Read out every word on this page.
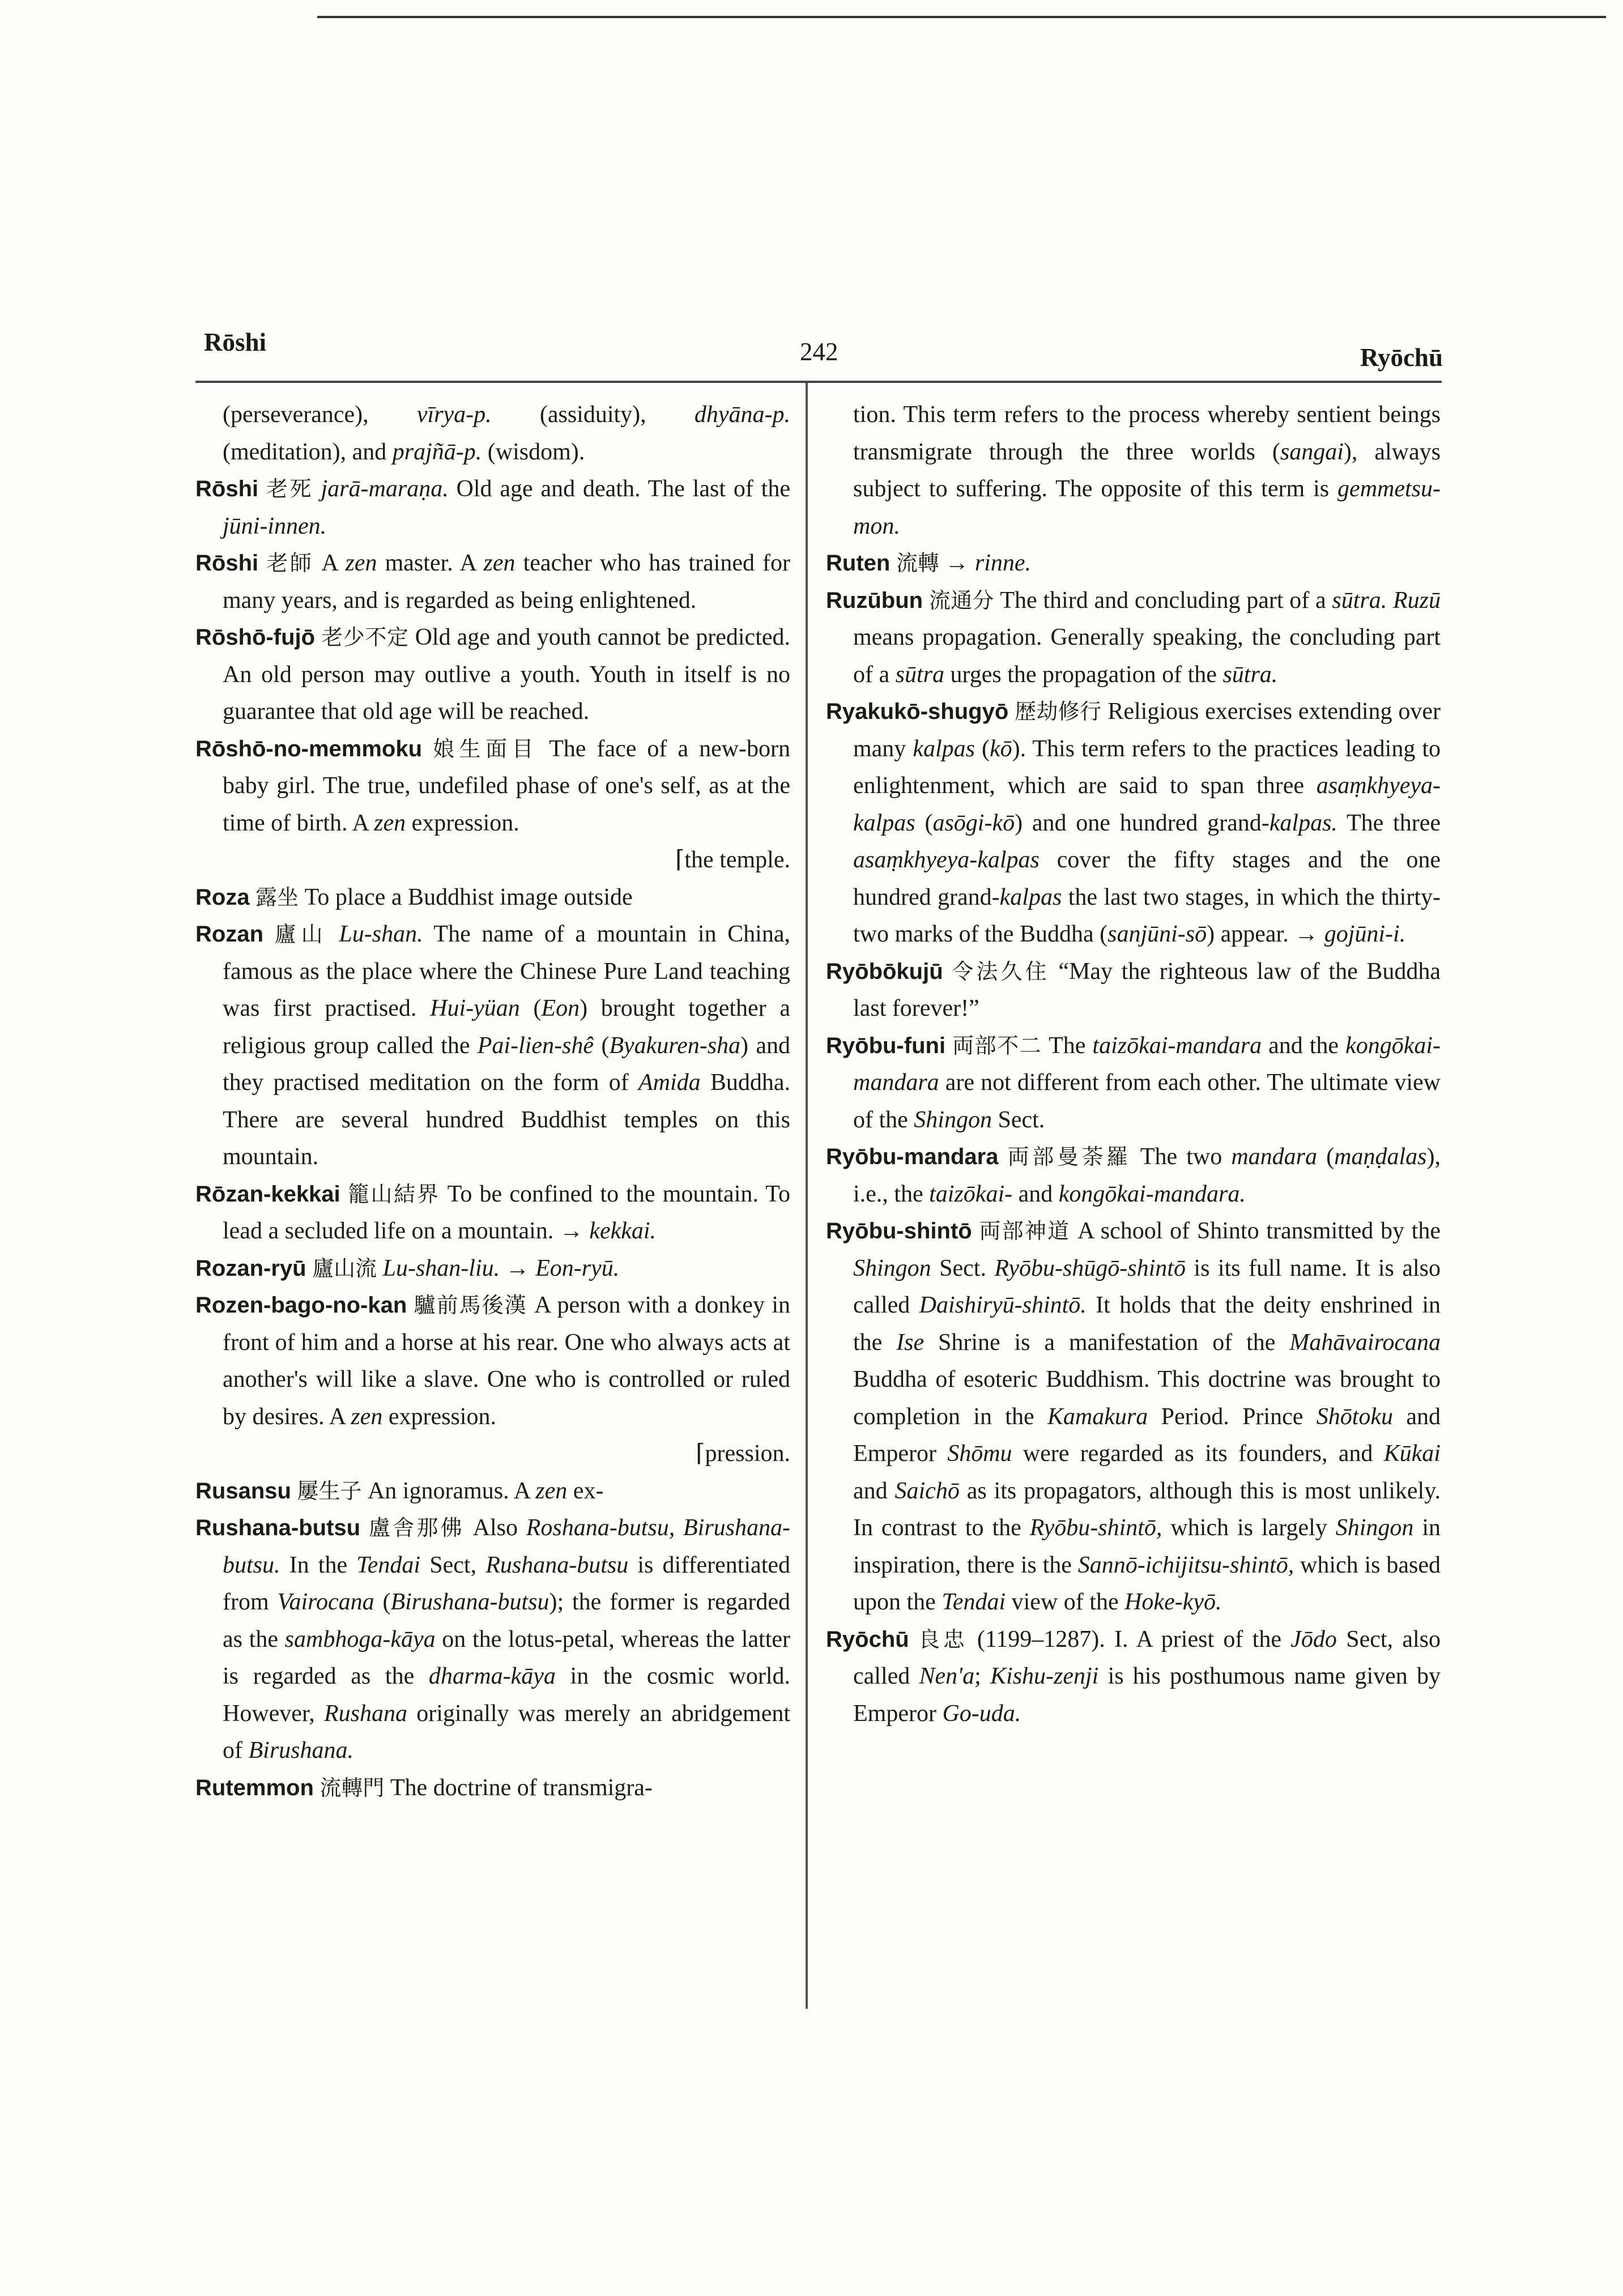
Rōshi	242	Ryōchū

(perseverance), vīrya-p. (assiduity), dhyāna-p. (meditation), and prajñā-p. (wisdom).

Rōshi 老死 jarā-maraṇa. Old age and death. The last of the jūni-innen.

Rōshi 老師 A zen master. A zen teacher who has trained for many years, and is regarded as being enlightened.

Rōshō-fujō 老少不定 Old age and youth cannot be predicted. An old person may outlive a youth. Youth in itself is no guarantee that old age will be reached.

Rōshō-no-memmoku 娘生面目 The face of a new-born baby girl. The true, undefiled phase of one's self, as at the time of birth. A zen expression.
⌈the temple.

Roza 露坐 To place a Buddhist image outside

Rozan 廬山 Lu-shan. The name of a mountain in China, famous as the place where the Chinese Pure Land teaching was first practised. Hui-yüan (Eon) brought together a religious group called the Pai-lien-shê (Byakuren-sha) and they practised meditation on the form of Amida Buddha. There are several hundred Buddhist temples on this mountain.

Rōzan-kekkai 籠山結界 To be confined to the mountain. To lead a secluded life on a mountain. → kekkai.

Rozan-ryū 廬山流 Lu-shan-liu. → Eon-ryū.

Rozen-bago-no-kan 驢前馬後漢 A person with a donkey in front of him and a horse at his rear. One who always acts at another's will like a slave. One who is controlled or ruled by desires. A zen expression.
⌈pression.

Rusansu 屢生子 An ignoramus. A zen ex-

Rushana-butsu 盧舎那佛 Also Roshana-butsu, Birushana-butsu. In the Tendai Sect, Rushana-butsu is differentiated from Vairocana (Birushana-butsu); the former is regarded as the sambhoga-kāya on the lotus-petal, whereas the latter is regarded as the dharma-kāya in the cosmic world. However, Rushana originally was merely an abridgement of Birushana.

Rutemmon 流轉門 The doctrine of transmigra-

tion. This term refers to the process whereby sentient beings transmigrate through the three worlds (sangai), always subject to suffering. The opposite of this term is gemmetsu-mon.

Ruten 流轉 → rinne.

Ruzūbun 流通分 The third and concluding part of a sūtra. Ruzū means propagation. Generally speaking, the concluding part of a sūtra urges the propagation of the sūtra.

Ryakukō-shugyō 歴劫修行 Religious exercises extending over many kalpas (kō). This term refers to the practices leading to enlightenment, which are said to span three asaṃkhyeya-kalpas (asōgi-kō) and one hundred grand-kalpas. The three asaṃkhyeya-kalpas cover the fifty stages and the one hundred grand-kalpas the last two stages, in which the thirty-two marks of the Buddha (sanjūni-sō) appear. → gojūni-i.

Ryōbōkujū 令法久住 “May the righteous law of the Buddha last forever!”

Ryōbu-funi 両部不二 The taizōkai-mandara and the kongōkai-mandara are not different from each other. The ultimate view of the Shingon Sect.

Ryōbu-mandara 両部曼荼羅 The two mandara (maṇḍalas), i.e., the taizōkai- and kongōkai-mandara.

Ryōbu-shintō 両部神道 A school of Shinto transmitted by the Shingon Sect. Ryōbu-shūgō-shintō is its full name. It is also called Daishiryū-shintō. It holds that the deity enshrined in the Ise Shrine is a manifestation of the Mahāvairocana Buddha of esoteric Buddhism. This doctrine was brought to completion in the Kamakura Period. Prince Shōtoku and Emperor Shōmu were regarded as its founders, and Kūkai and Saichō as its propagators, although this is most unlikely. In contrast to the Ryōbu-shintō, which is largely Shingon in inspiration, there is the Sannō-ichijitsu-shintō, which is based upon the Tendai view of the Hoke-kyō.

Ryōchū 良忠 (1199–1287). I. A priest of the Jōdo Sect, also called Nen'a; Kishu-zenji is his posthumous name given by Emperor Go-uda.
